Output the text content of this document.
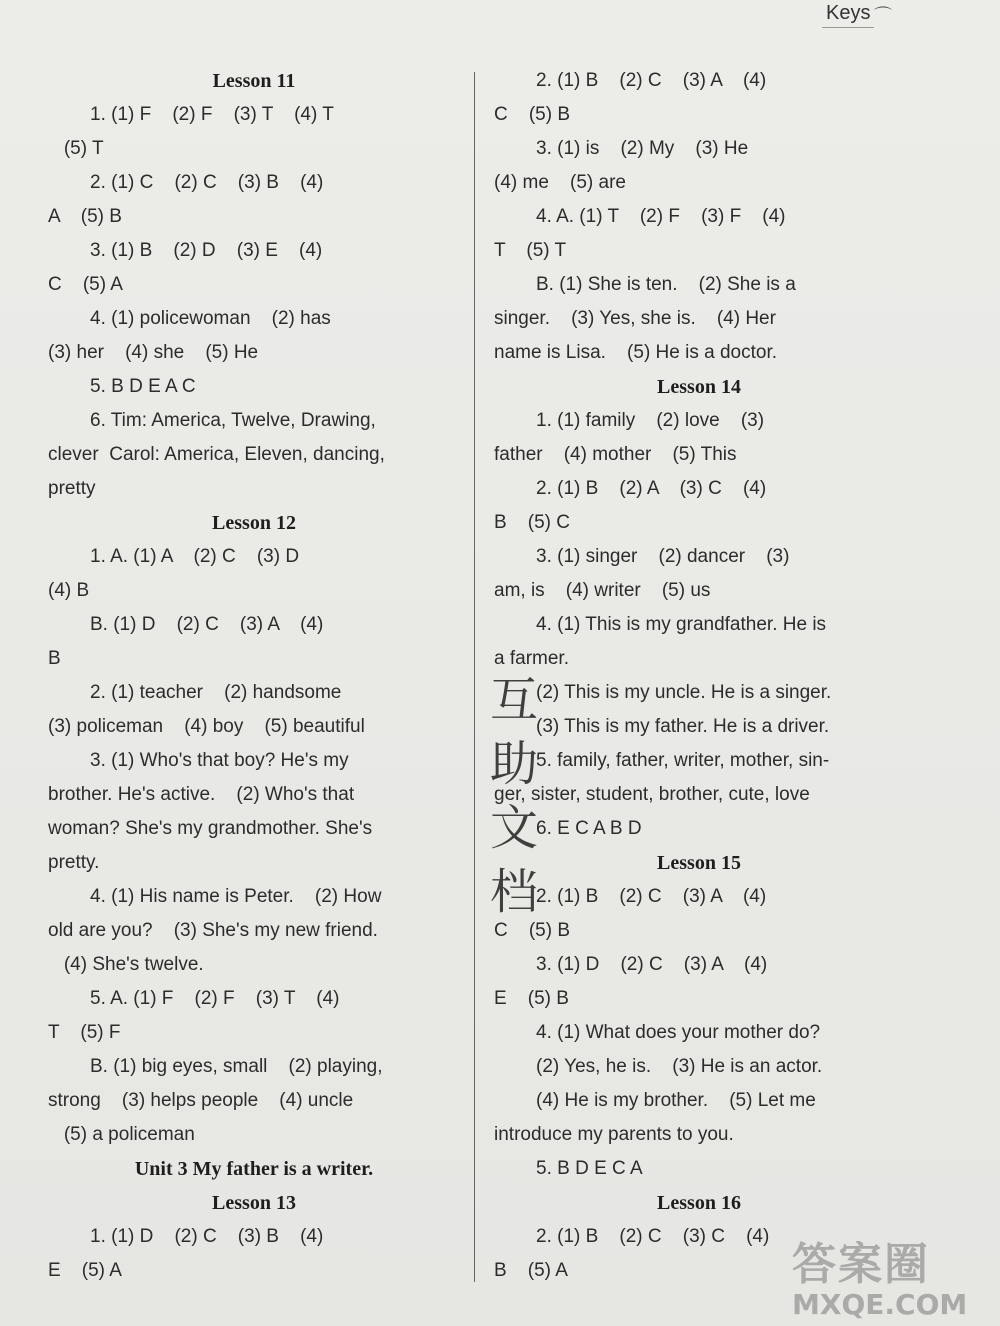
Keys ⌒
Lesson 11
1. (1) F    (2) F    (3) T    (4) T
(5) T
2. (1) C    (2) C    (3) B    (4)
A    (5) B
3. (1) B    (2) D    (3) E    (4)
C    (5) A
4. (1) policewoman    (2) has
(3) her    (4) she    (5) He
5. B D E A C
6. Tim: America, Twelve, Drawing,
clever  Carol: America, Eleven, dancing,
pretty
Lesson 12
1. A. (1) A    (2) C    (3) D
(4) B
B. (1) D    (2) C    (3) A    (4)
B
2. (1) teacher    (2) handsome
(3) policeman    (4) boy    (5) beautiful
3. (1) Who's that boy? He's my
brother. He's active.    (2) Who's that
woman? She's my grandmother. She's
pretty.
4. (1) His name is Peter.    (2) How
old are you?    (3) She's my new friend.
(4) She's twelve.
5. A. (1) F    (2) F    (3) T    (4)
T    (5) F
B. (1) big eyes, small    (2) playing,
strong    (3) helps people    (4) uncle
(5) a policeman
Unit 3 My father is a writer.
Lesson 13
1. (1) D    (2) C    (3) B    (4)
E    (5) A
2. (1) B    (2) C    (3) A    (4)
C    (5) B
3. (1) is    (2) My    (3) He
(4) me    (5) are
4. A. (1) T    (2) F    (3) F    (4)
T    (5) T
B. (1) She is ten.    (2) She is a
singer.    (3) Yes, she is.    (4) Her
name is Lisa.    (5) He is a doctor.
Lesson 14
1. (1) family    (2) love    (3)
father    (4) mother    (5) This
2. (1) B    (2) A    (3) C    (4)
B    (5) C
3. (1) singer    (2) dancer    (3)
am, is    (4) writer    (5) us
4. (1) This is my grandfather. He is
a farmer.
(2) This is my uncle. He is a singer.
(3) This is my father. He is a driver.
5. family, father, writer, mother, sin-
ger, sister, student, brother, cute, love
6. E C A B D
Lesson 15
2. (1) B    (2) C    (3) A    (4)
C    (5) B
3. (1) D    (2) C    (3) A    (4)
E    (5) B
4. (1) What does your mother do?
(2) Yes, he is.    (3) He is an actor.
(4) He is my brother.    (5) Let me
introduce my parents to you.
5. B D E C A
Lesson 16
2. (1) B    (2) C    (3) C    (4)
B    (5) A
互
助
文
档
答案圈
MXQE.COM
